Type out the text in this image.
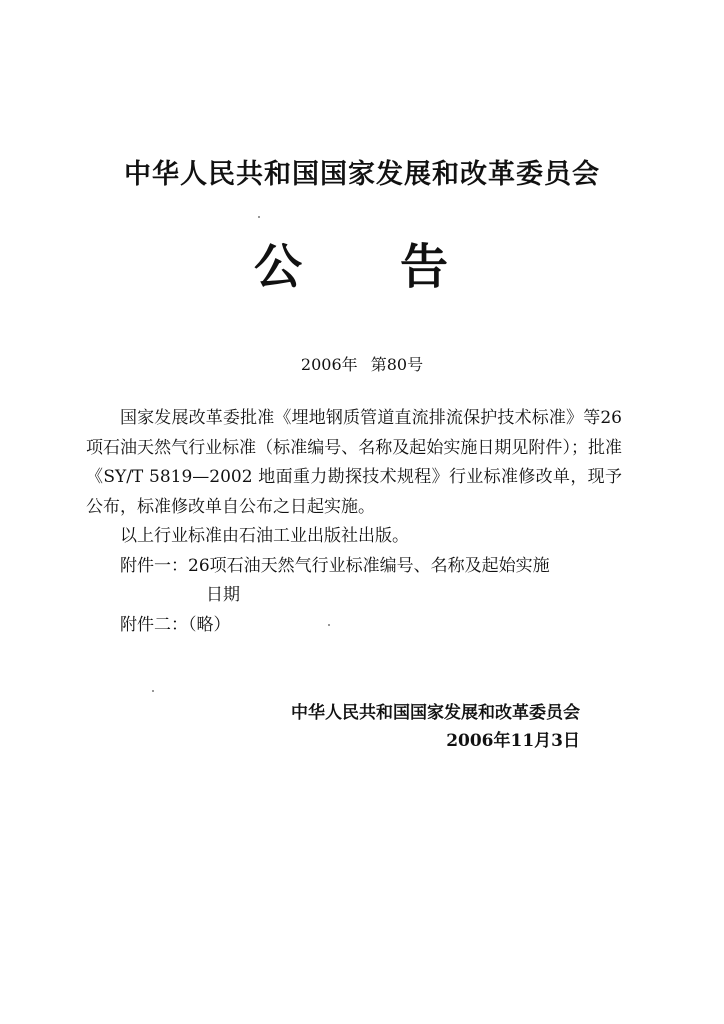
中华人民共和国国家发展和改革委员会
公 告
2006年 第80号

国家发展改革委批准《埋地钢质管道直流排流保护技术标准》等26项石油天然气行业标准（标准编号、名称及起始实施日期见附件）；批准《SY/T 5819—2002 地面重力勘探技术规程》行业标准修改单，现予公布，标准修改单自公布之日起实施。

以上行业标准由石油工业出版社出版。

附件一：26项石油天然气行业标准编号、名称及起始实施

日期

附件二：（略）

中华人民共和国国家发展和改革委员会
2006年11月3日
